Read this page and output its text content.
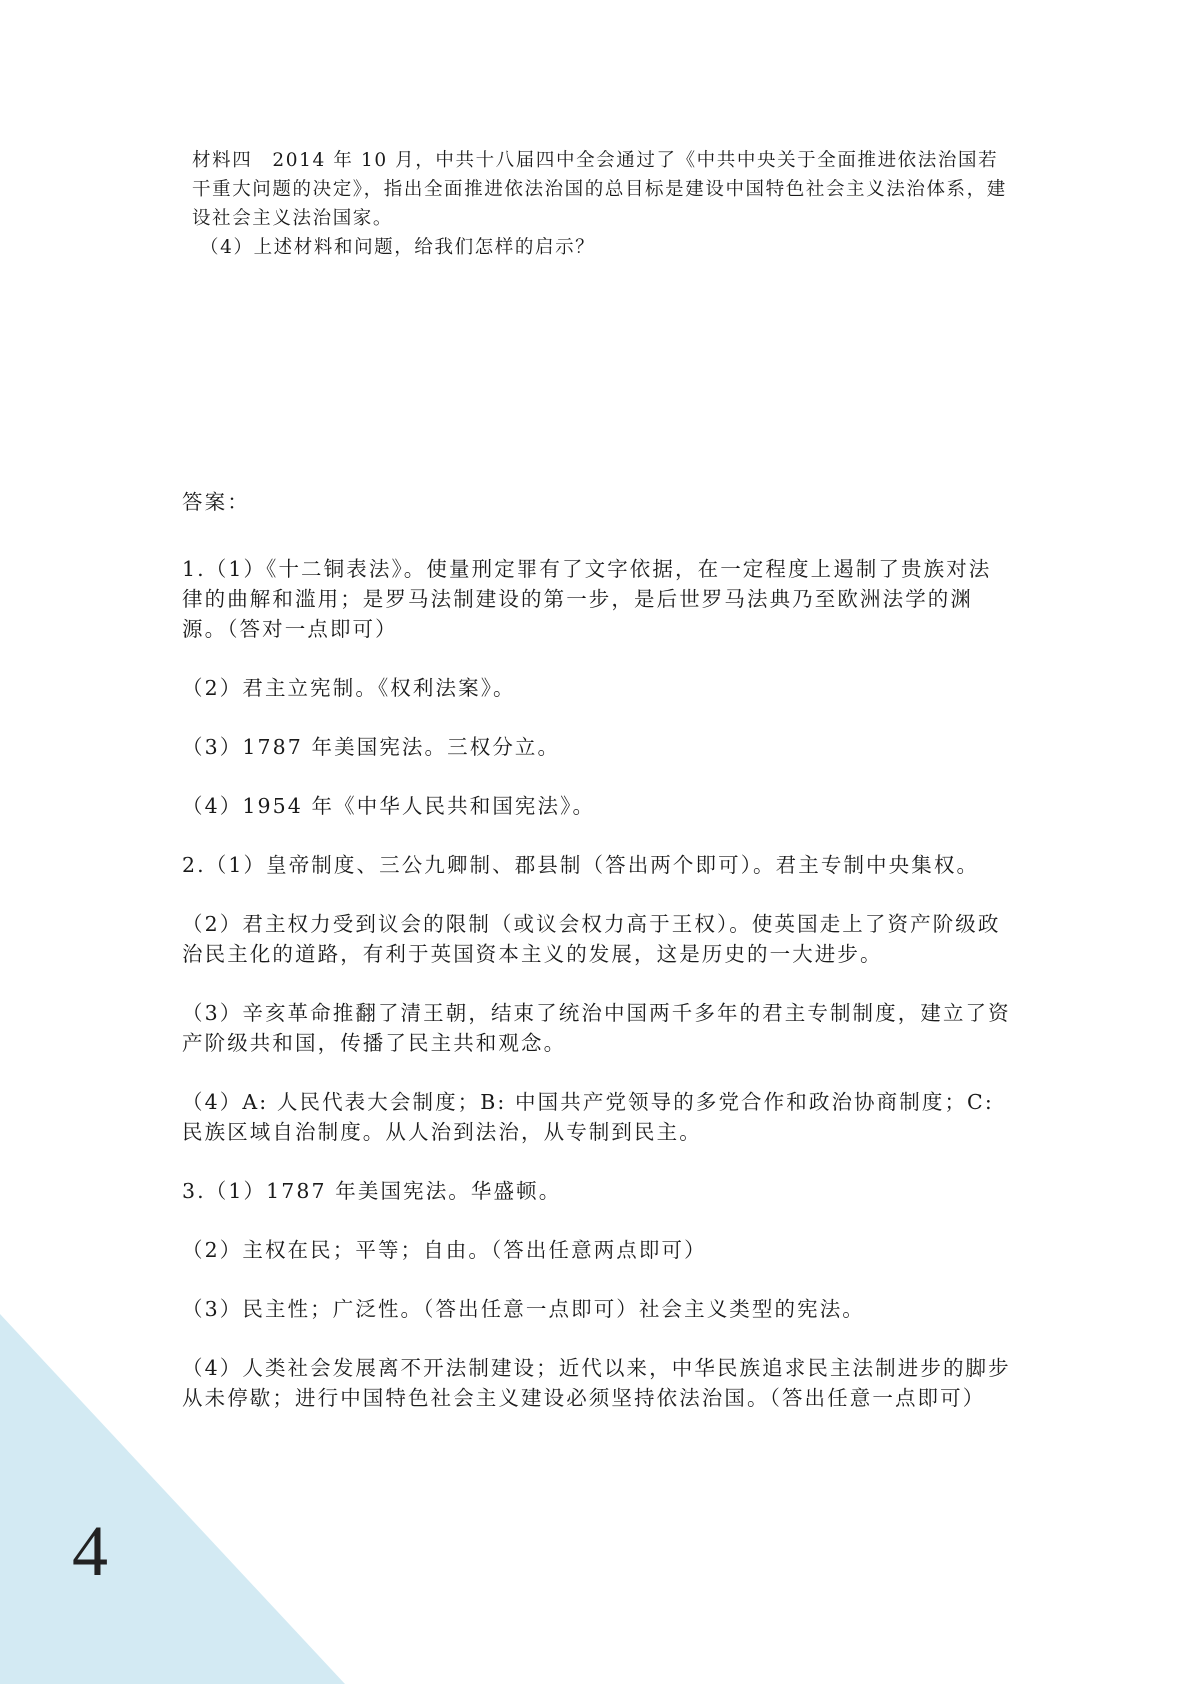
材料四　2014 年 10 月，中共十八届四中全会通过了《中共中央关于全面推进依法治国若干重大问题的决定》，指出全面推进依法治国的总目标是建设中国特色社会主义法治体系，建设社会主义法治国家。

（4）上述材料和问题，给我们怎样的启示？

答案：

1.（1）《十二铜表法》。使量刑定罪有了文字依据，在一定程度上遏制了贵族对法律的曲解和滥用；是罗马法制建设的第一步，是后世罗马法典乃至欧洲法学的渊源。（答对一点即可）

（2）君主立宪制。《权利法案》。

（3）1787 年美国宪法。三权分立。

（4）1954 年《中华人民共和国宪法》。

2.（1）皇帝制度、三公九卿制、郡县制（答出两个即可）。君主专制中央集权。

（2）君主权力受到议会的限制（或议会权力高于王权）。使英国走上了资产阶级政治民主化的道路，有利于英国资本主义的发展，这是历史的一大进步。

（3）辛亥革命推翻了清王朝，结束了统治中国两千多年的君主专制制度，建立了资产阶级共和国，传播了民主共和观念。

（4）A: 人民代表大会制度；B: 中国共产党领导的多党合作和政治协商制度；C: 民族区域自治制度。从人治到法治，从专制到民主。

3.（1）1787 年美国宪法。华盛顿。

（2）主权在民；平等；自由。（答出任意两点即可）

（3）民主性；广泛性。（答出任意一点即可）社会主义类型的宪法。

（4）人类社会发展离不开法制建设；近代以来，中华民族追求民主法制进步的脚步从未停歇；进行中国特色社会主义建设必须坚持依法治国。（答出任意一点即可）

4
